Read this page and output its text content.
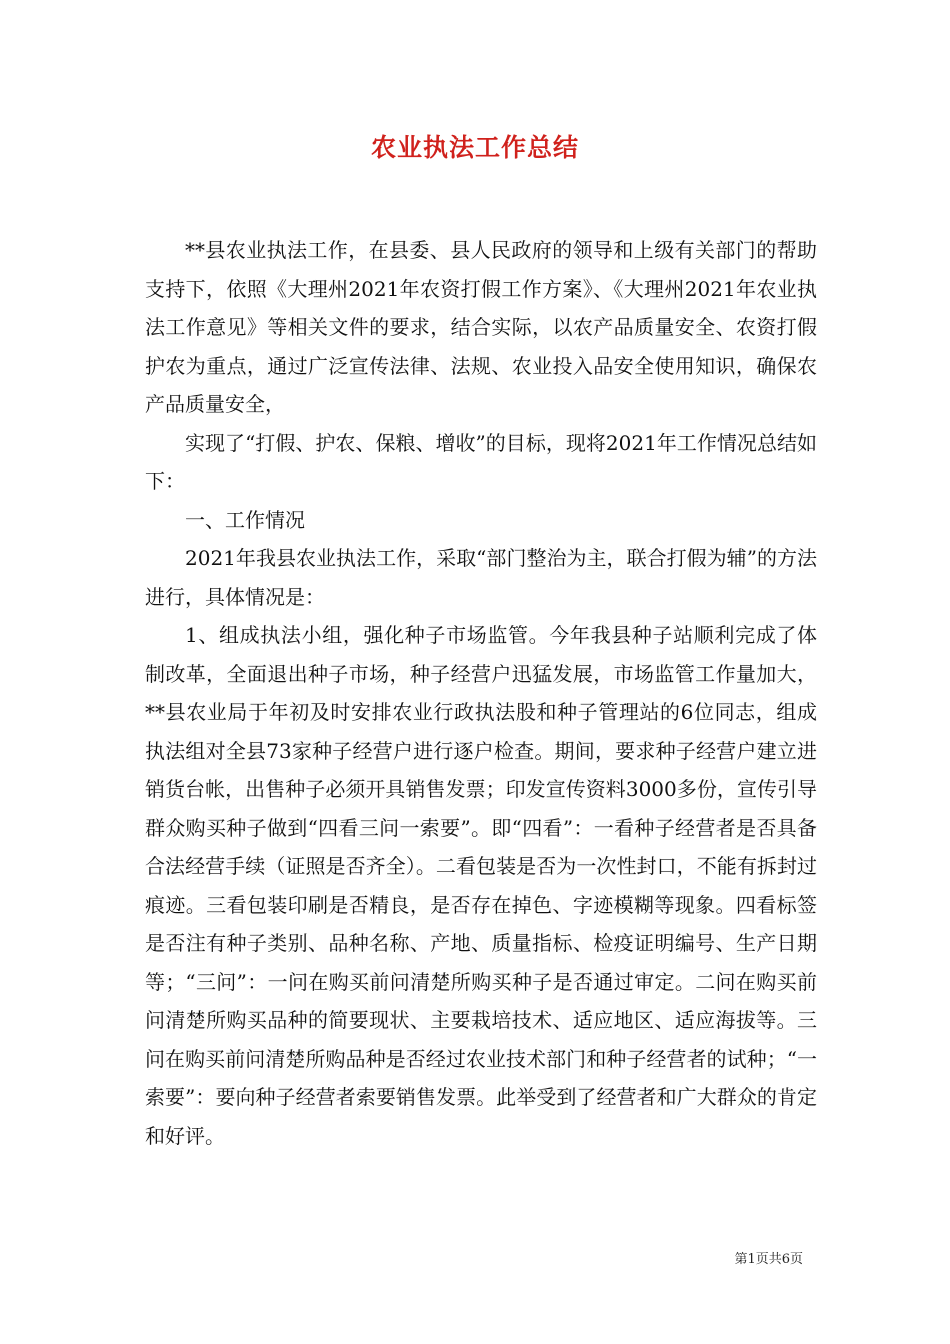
农业执法工作总结

**县农业执法工作，在县委、县人民政府的领导和上级有关部门的帮助支持下，依照《大理州2021年农资打假工作方案》、《大理州2021年农业执法工作意见》等相关文件的要求，结合实际，以农产品质量安全、农资打假护农为重点，通过广泛宣传法律、法规、农业投入品安全使用知识，确保农产品质量安全，

实现了“打假、护农、保粮、增收”的目标，现将2021年工作情况总结如下：

一、工作情况

2021年我县农业执法工作，采取“部门整治为主，联合打假为辅”的方法进行，具体情况是：

1、组成执法小组，强化种子市场监管。今年我县种子站顺利完成了体制改革，全面退出种子市场，种子经营户迅猛发展，市场监管工作量加大，**县农业局于年初及时安排农业行政执法股和种子管理站的6位同志，组成执法组对全县73家种子经营户进行逐户检查。期间，要求种子经营户建立进销货台帐，出售种子必须开具销售发票；印发宣传资料3000多份，宣传引导群众购买种子做到“四看三问一索要”。即“四看”：一看种子经营者是否具备合法经营手续（证照是否齐全）。二看包装是否为一次性封口，不能有拆封过痕迹。三看包装印刷是否精良，是否存在掉色、字迹模糊等现象。四看标签是否注有种子类别、品种名称、产地、质量指标、检疫证明编号、生产日期等；“三问”：一问在购买前问清楚所购买种子是否通过审定。二问在购买前问清楚所购买品种的简要现状、主要栽培技术、适应地区、适应海拔等。三问在购买前问清楚所购品种是否经过农业技术部门和种子经营者的试种；“一索要”：要向种子经营者索要销售发票。此举受到了经营者和广大群众的肯定和好评。

第1页共6页
